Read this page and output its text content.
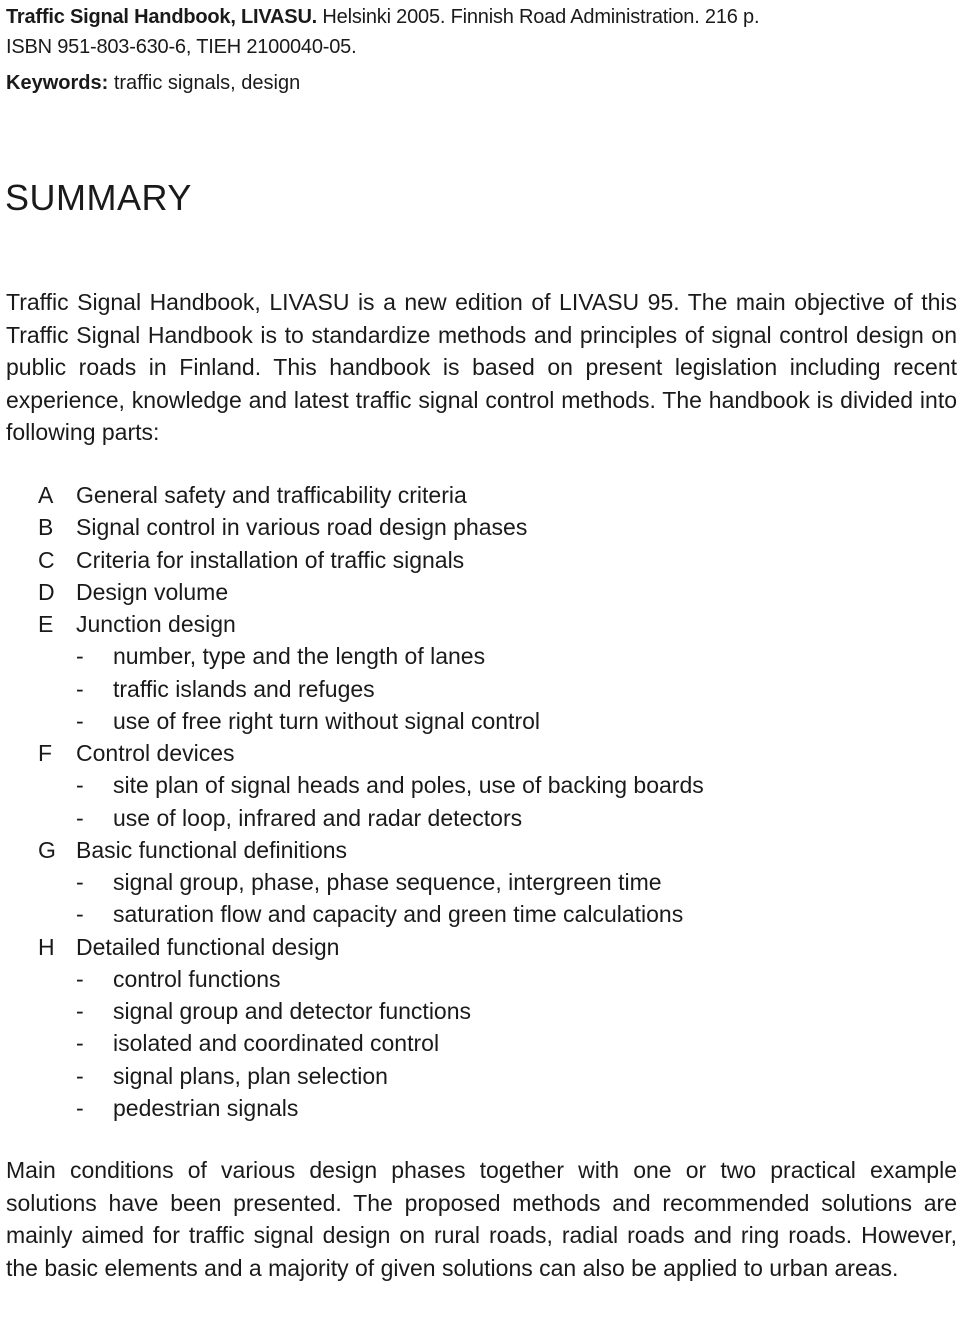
Traffic Signal Handbook, LIVASU. Helsinki 2005. Finnish Road Administration. 216 p.
ISBN 951-803-630-6, TIEH 2100040-05.
Keywords: traffic signals, design
SUMMARY

Traffic Signal Handbook, LIVASU is a new edition of LIVASU 95. The main objective of this Traffic Signal Handbook is to standardize methods and principles of signal control design on public roads in Finland. This handbook is based on present legislation including recent experience, knowledge and latest traffic signal control methods. The handbook is divided into following parts:

A General safety and trafficability criteria
B Signal control in various road design phases
C Criteria for installation of traffic signals
D Design volume
E Junction design
-	number, type and the length of lanes
-	traffic islands and refuges
-	use of free right turn without signal control
F	Control devices
-	site plan of signal heads and poles, use of backing boards
-	use of loop, infrared and radar detectors
G Basic functional definitions
-	signal group, phase, phase sequence, intergreen time
-	saturation flow and capacity and green time calculations
H Detailed functional design
-	control functions
-	signal group and detector functions
-	isolated and coordinated control
-	signal plans, plan selection
-	pedestrian signals

Main conditions of various design phases together with one or two practical example solutions have been presented. The proposed methods and recommended solutions are mainly aimed for traffic signal design on rural roads, radial roads and ring roads. However, the basic elements and a majority of given solutions can also be applied to urban areas.
